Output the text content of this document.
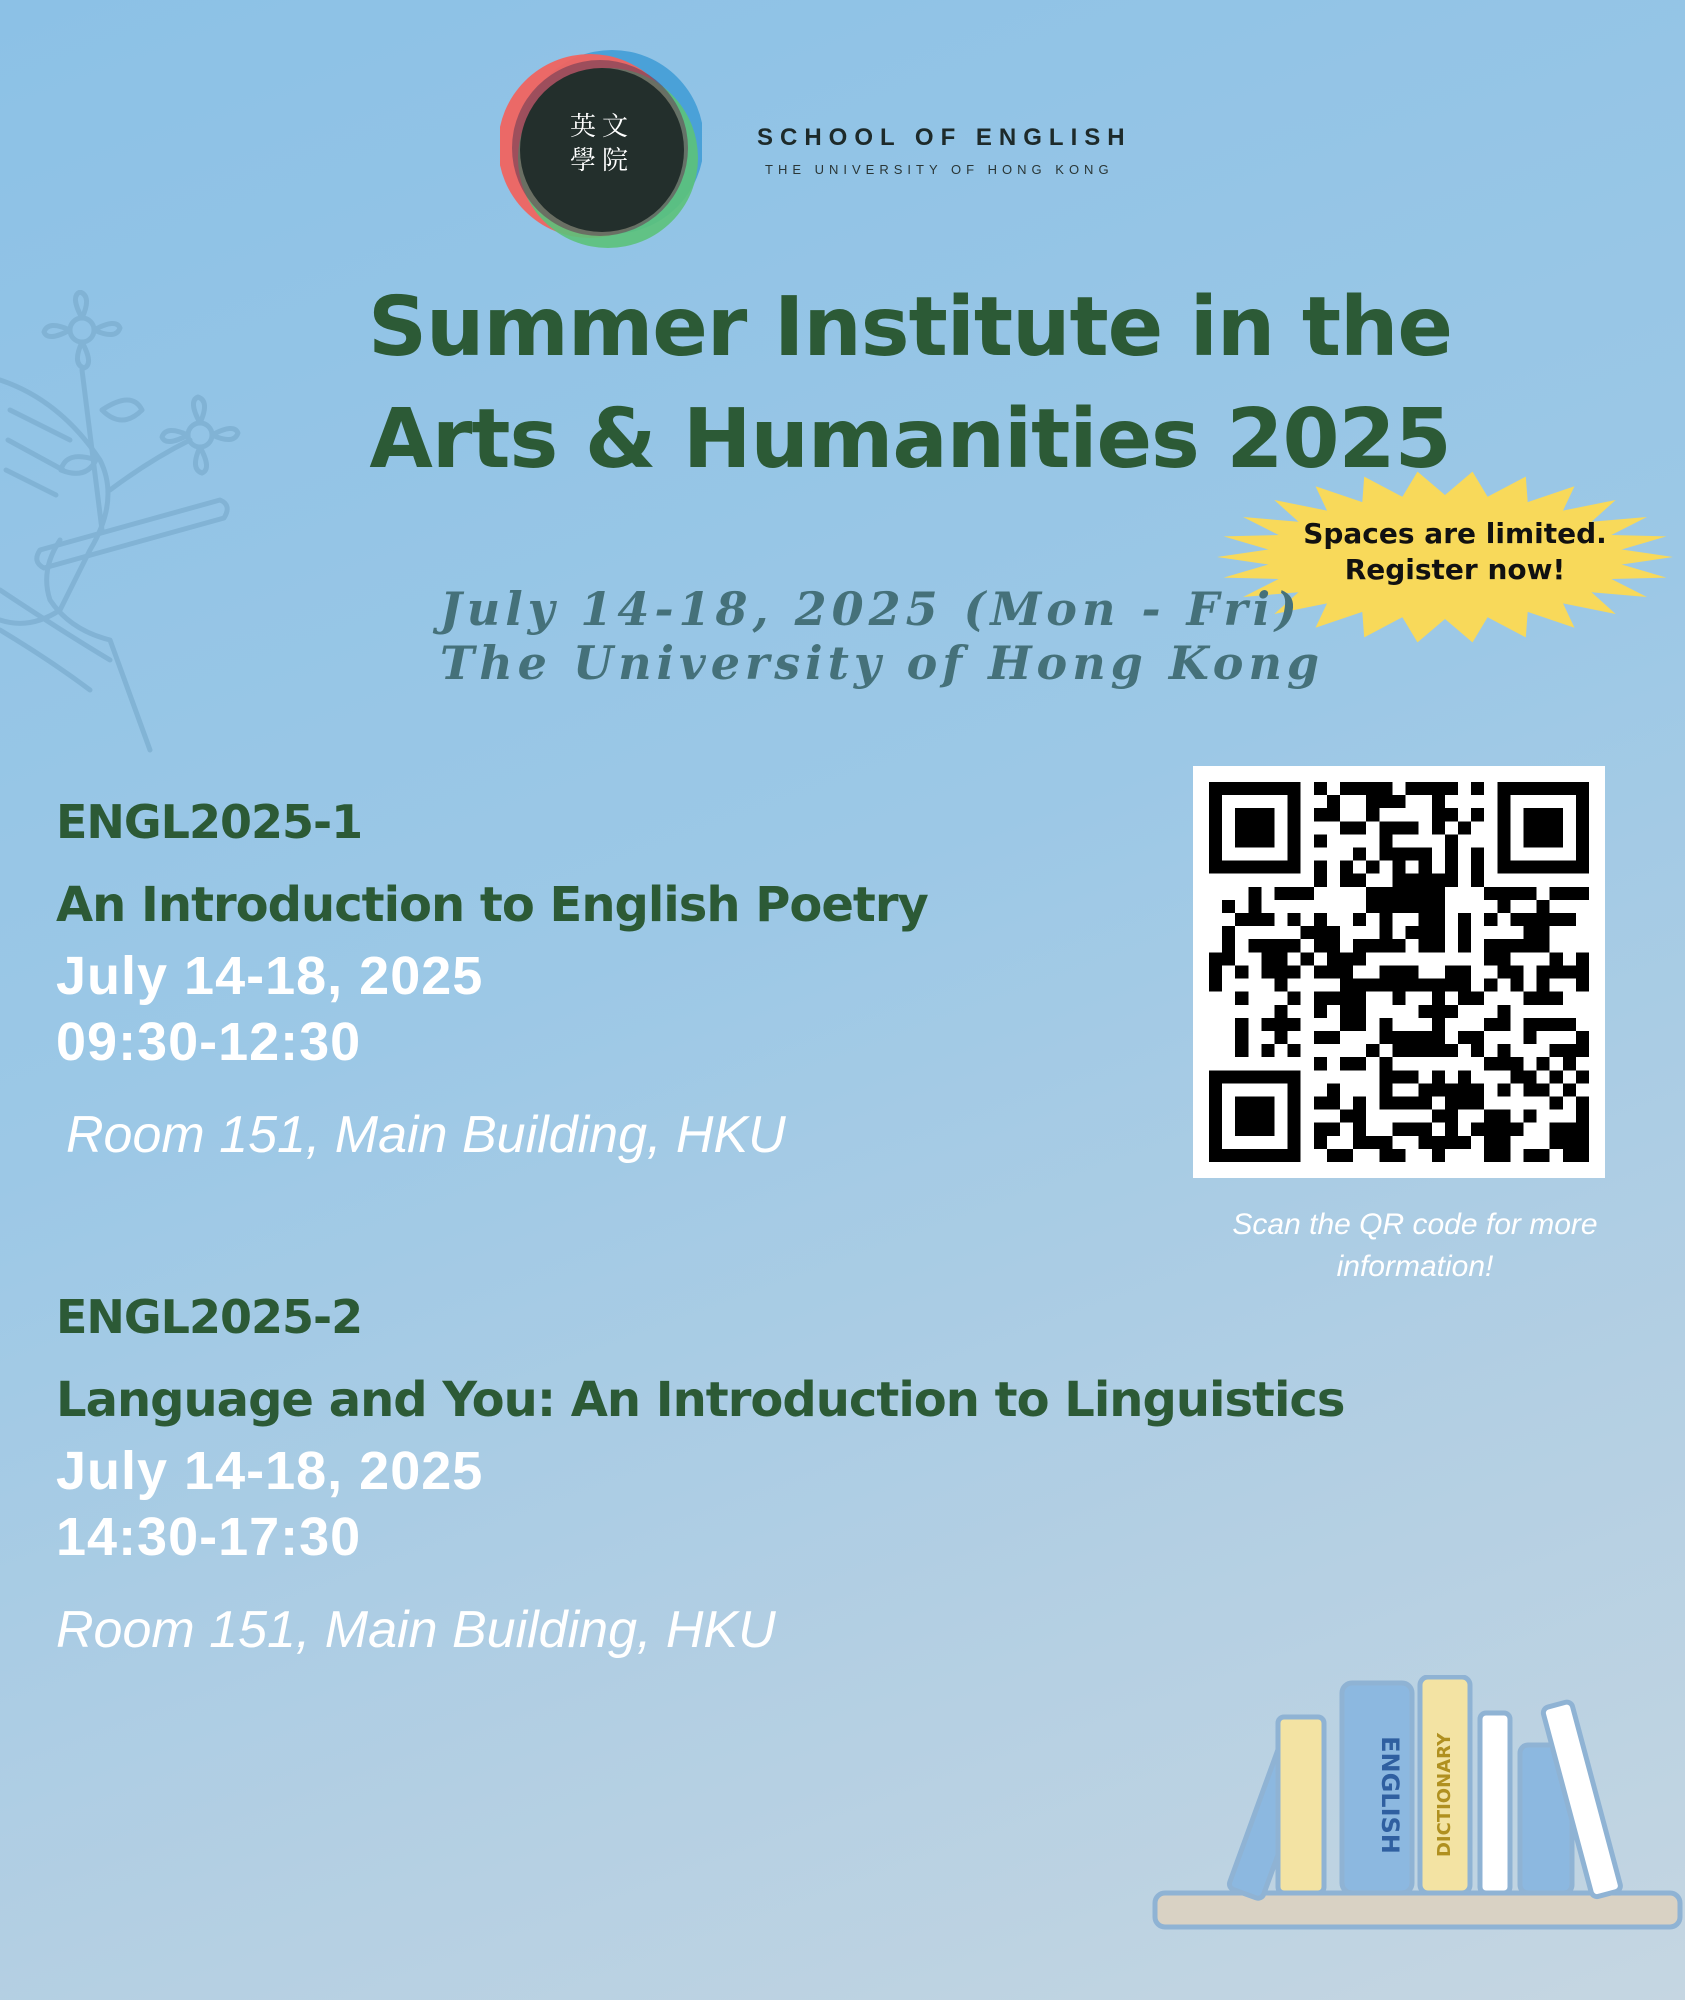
英文
學院
SCHOOL OF ENGLISH
THE UNIVERSITY OF HONG KONG
Summer Institute in the
Arts & Humanities 2025
Spaces are limited.
Register now!
July 14-18, 2025 (Mon - Fri)
The University of Hong Kong
ENGL2025-1
An Introduction to English Poetry
July 14-18, 2025
09:30-12:30
Room 151, Main Building, HKU
ENGL2025-2
Language and You: An Introduction to Linguistics
July 14-18, 2025
14:30-17:30
Room 151, Main Building, HKU
Scan the QR code for more
information!
ENGLISH DICTIONARY
